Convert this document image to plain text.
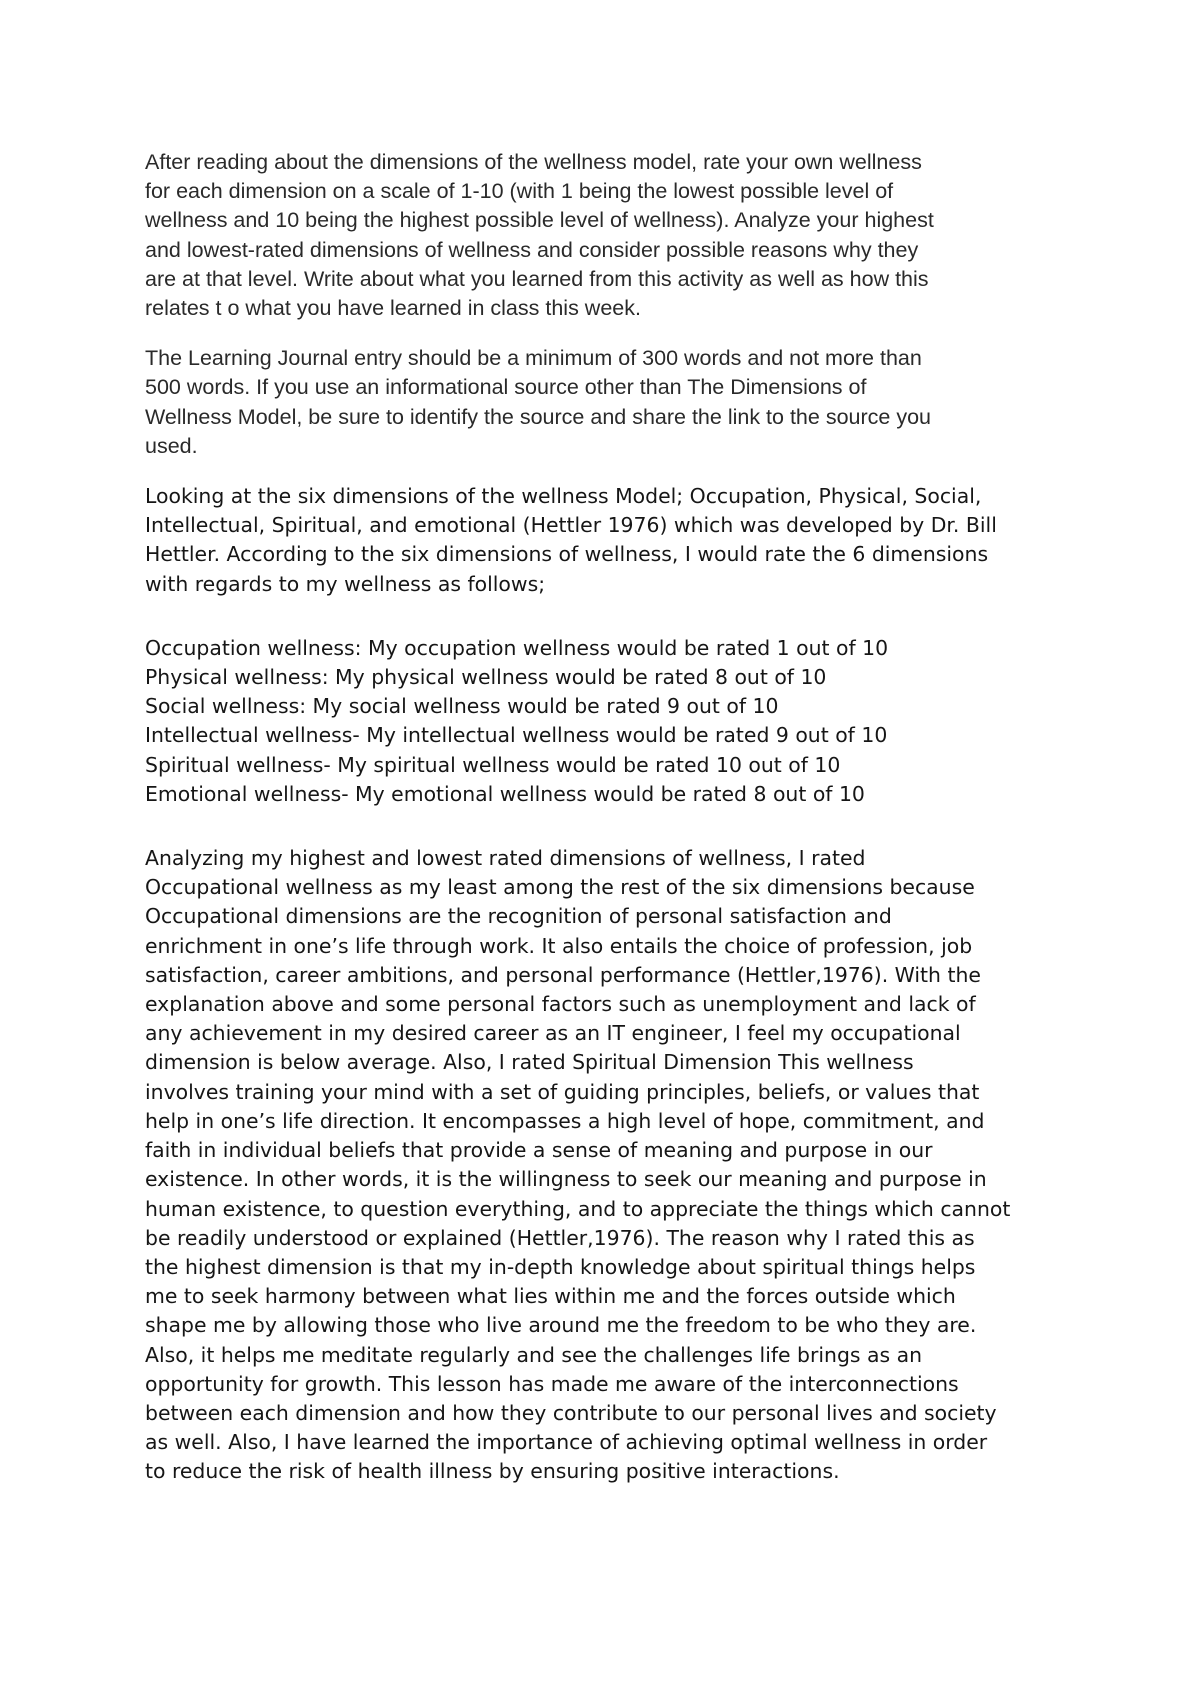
After reading about the dimensions of the wellness model, rate your own wellness
for each dimension on a scale of 1-10 (with 1 being the lowest possible level of
wellness and 10 being the highest possible level of wellness). Analyze your highest
and lowest-rated dimensions of wellness and consider possible reasons why they
are at that level. Write about what you learned from this activity as well as how this
relates t o what you have learned in class this week.

The Learning Journal entry should be a minimum of 300 words and not more than
500 words. If you use an informational source other than The Dimensions of
Wellness Model, be sure to identify the source and share the link to the source you
used.

Looking at the six dimensions of the wellness Model; Occupation, Physical, Social,
Intellectual, Spiritual, and emotional (Hettler 1976) which was developed by Dr. Bill
Hettler. According to the six dimensions of wellness, I would rate the 6 dimensions
with regards to my wellness as follows;

Occupation wellness: My occupation wellness would be rated 1 out of 10
Physical wellness: My physical wellness would be rated 8 out of 10
Social wellness: My social wellness would be rated 9 out of 10
Intellectual wellness- My intellectual wellness would be rated 9 out of 10
Spiritual wellness- My spiritual wellness would be rated 10 out of 10
Emotional wellness- My emotional wellness would be rated 8 out of 10

Analyzing my highest and lowest rated dimensions of wellness, I rated
Occupational wellness as my least among the rest of the six dimensions because
Occupational dimensions are the recognition of personal satisfaction and
enrichment in one’s life through work. It also entails the choice of profession, job
satisfaction, career ambitions, and personal performance (Hettler,1976). With the
explanation above and some personal factors such as unemployment and lack of
any achievement in my desired career as an IT engineer, I feel my occupational
dimension is below average. Also, I rated Spiritual Dimension This wellness
involves training your mind with a set of guiding principles, beliefs, or values that
help in one’s life direction. It encompasses a high level of hope, commitment, and
faith in individual beliefs that provide a sense of meaning and purpose in our
existence. In other words, it is the willingness to seek our meaning and purpose in
human existence, to question everything, and to appreciate the things which cannot
be readily understood or explained (Hettler,1976). The reason why I rated this as
the highest dimension is that my in-depth knowledge about spiritual things helps
me to seek harmony between what lies within me and the forces outside which
shape me by allowing those who live around me the freedom to be who they are.
Also, it helps me meditate regularly and see the challenges life brings as an
opportunity for growth. This lesson has made me aware of the interconnections
between each dimension and how they contribute to our personal lives and society
as well. Also, I have learned the importance of achieving optimal wellness in order
to reduce the risk of health illness by ensuring positive interactions.
